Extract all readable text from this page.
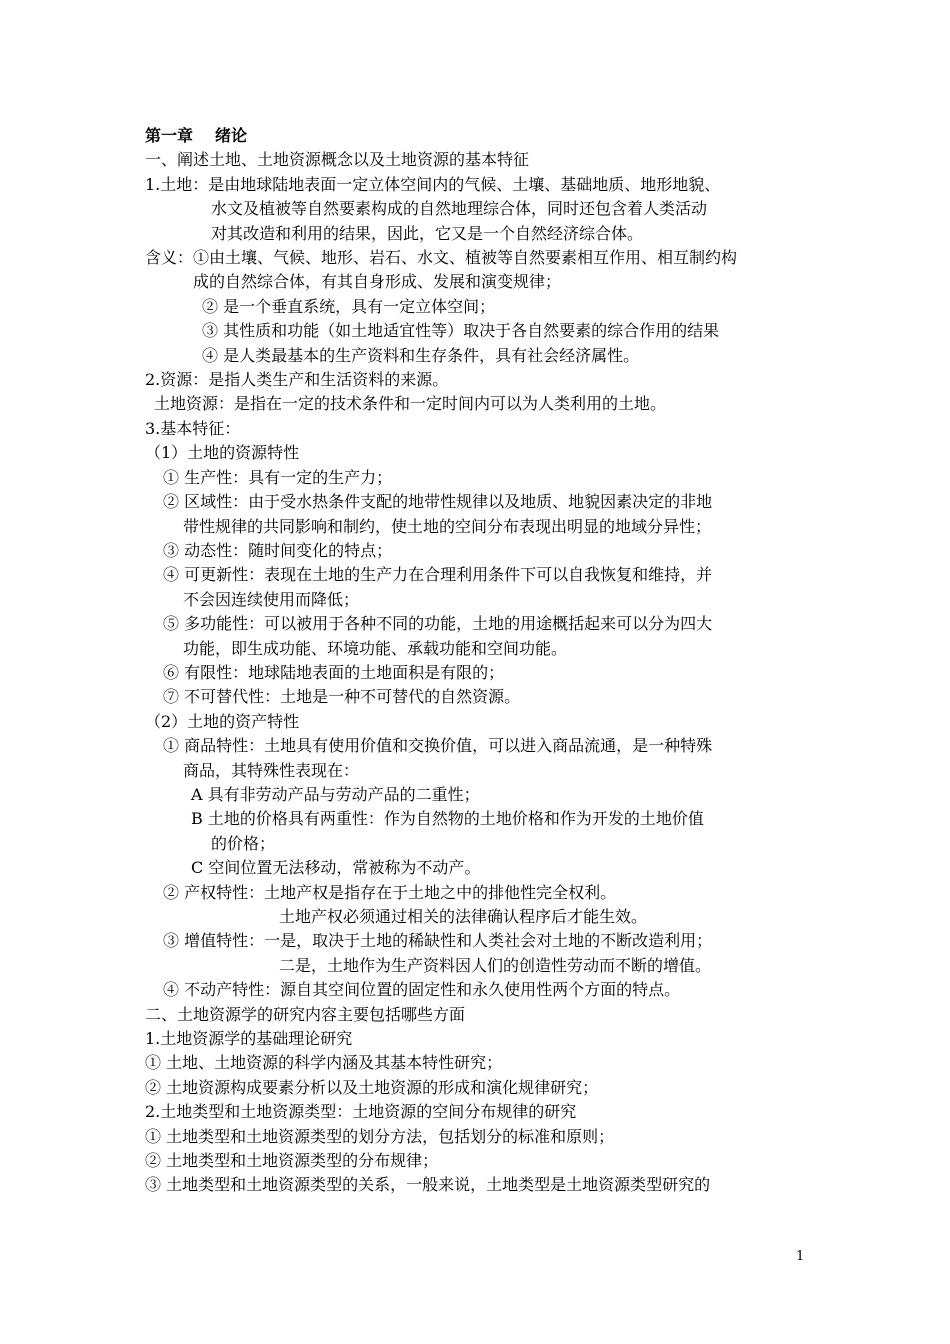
第一章 绪论
一、阐述土地、土地资源概念以及土地资源的基本特征
1.土地：是由地球陆地表面一定立体空间内的气候、土壤、基础地质、地形地貌、
水文及植被等自然要素构成的自然地理综合体，同时还包含着人类活动
对其改造和利用的结果，因此，它又是一个自然经济综合体。
含义：①由土壤、气候、地形、岩石、水文、植被等自然要素相互作用、相互制约构
成的自然综合体，有其自身形成、发展和演变规律；
② 是一个垂直系统，具有一定立体空间；
③ 其性质和功能（如土地适宜性等）取决于各自然要素的综合作用的结果
④ 是人类最基本的生产资料和生存条件，具有社会经济属性。
2.资源：是指人类生产和生活资料的来源。
土地资源：是指在一定的技术条件和一定时间内可以为人类利用的土地。
3.基本特征：
（1）土地的资源特性
① 生产性：具有一定的生产力；
② 区域性：由于受水热条件支配的地带性规律以及地质、地貌因素决定的非地
带性规律的共同影响和制约，使土地的空间分布表现出明显的地域分异性；
③ 动态性：随时间变化的特点；
④ 可更新性：表现在土地的生产力在合理利用条件下可以自我恢复和维持，并
不会因连续使用而降低；
⑤ 多功能性：可以被用于各种不同的功能，土地的用途概括起来可以分为四大
功能，即生成功能、环境功能、承载功能和空间功能。
⑥ 有限性：地球陆地表面的土地面积是有限的；
⑦ 不可替代性：土地是一种不可替代的自然资源。
（2）土地的资产特性
① 商品特性：土地具有使用价值和交换价值，可以进入商品流通，是一种特殊
商品，其特殊性表现在：
A 具有非劳动产品与劳动产品的二重性；
B 土地的价格具有两重性：作为自然物的土地价格和作为开发的土地价值
的价格；
C 空间位置无法移动，常被称为不动产。
② 产权特性：土地产权是指存在于土地之中的排他性完全权利。
土地产权必须通过相关的法律确认程序后才能生效。
③ 增值特性：一是，取决于土地的稀缺性和人类社会对土地的不断改造利用；
二是，土地作为生产资料因人们的创造性劳动而不断的增值。
④ 不动产特性：源自其空间位置的固定性和永久使用性两个方面的特点。
二、土地资源学的研究内容主要包括哪些方面
1.土地资源学的基础理论研究
① 土地、土地资源的科学内涵及其基本特性研究；
② 土地资源构成要素分析以及土地资源的形成和演化规律研究；
2.土地类型和土地资源类型：土地资源的空间分布规律的研究
① 土地类型和土地资源类型的划分方法，包括划分的标准和原则；
② 土地类型和土地资源类型的分布规律；
③ 土地类型和土地资源类型的关系，一般来说，土地类型是土地资源类型研究的
1
